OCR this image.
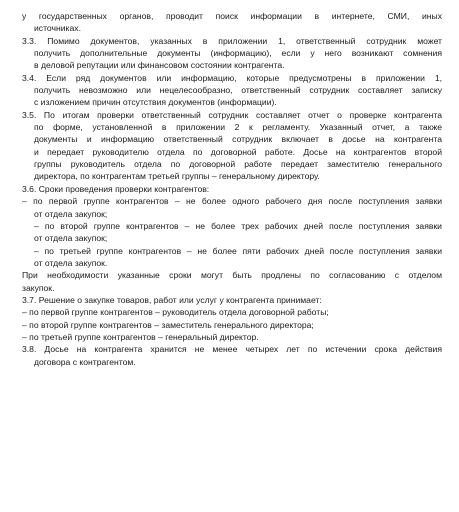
у государственных органов, проводит поиск информации в интернете, СМИ, иных
источниках.
3.3. Помимо документов, указанных в приложении 1, ответственный сотрудник может
получить дополнительные документы (информацию), если у него возникают сомнения
в деловой репутации или финансовом состоянии контрагента.
3.4. Если ряд документов или информацию, которые предусмотрены в приложении 1,
получить невозможно или нецелесообразно, ответственный сотрудник составляет записку
с изложением причин отсутствия документов (информации).
3.5. По итогам проверки ответственный сотрудник составляет отчет о проверке контрагента
по форме, установленной в приложении 2 к регламенту. Указанный отчет, а также
документы и информацию ответственный сотрудник включает в досье на контрагента
и передает руководителю отдела по договорной работе. Досье на контрагентов второй
группы руководитель отдела по договорной работе передает заместителю генерального
директора, по контрагентам третьей группы – генеральному директору.
3.6. Сроки проведения проверки контрагентов:
– по первой группе контрагентов – не более одного рабочего дня после поступления заявки
от отдела закупок;
– по второй группе контрагентов – не более трех рабочих дней после поступления заявки
от отдела закупок;
– по третьей группе контрагентов – не более пяти рабочих дней после поступления заявки
от отдела закупок.
При необходимости указанные сроки могут быть продлены по согласованию с отделом
закупок.
3.7. Решение о закупке товаров, работ или услуг у контрагента принимает:
– по первой группе контрагентов – руководитель отдела договорной работы;
– по второй группе контрагентов – заместитель генерального директора;
– по третьей группе контрагентов – генеральный директор.
3.8. Досье на контрагента хранится не менее четырех лет по истечении срока действия
договора с контрагентом.
